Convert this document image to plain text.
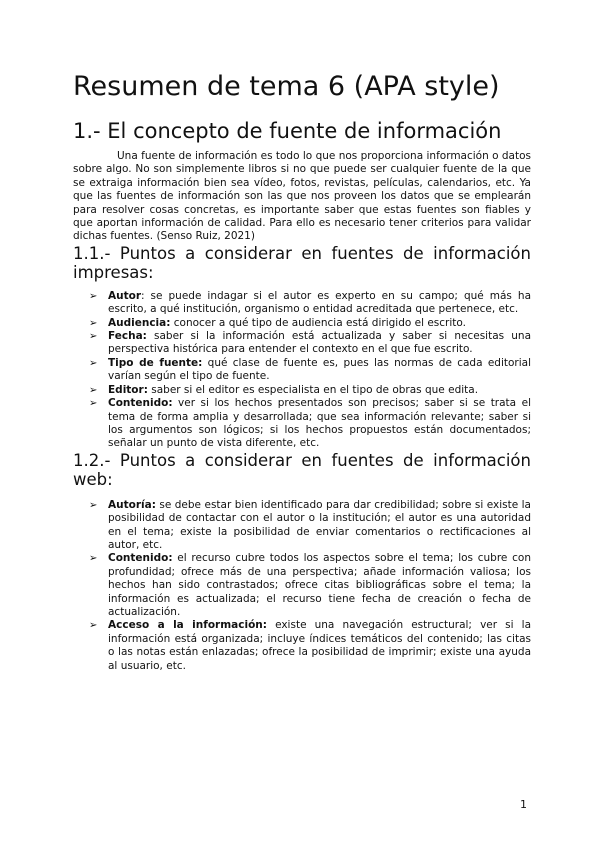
Resumen de tema 6 (APA style)
1.- El concepto de fuente de información

Una fuente de información es todo lo que nos proporciona información o datos sobre algo. No son simplemente libros si no que puede ser cualquier fuente de la que se extraiga información bien sea vídeo, fotos, revistas, películas, calendarios, etc. Ya que las fuentes de información son las que nos proveen los datos que se emplearán para resolver cosas concretas, es importante saber que estas fuentes son fiables y que aportan información de calidad. Para ello es necesario tener criterios para validar dichas fuentes. (Senso Ruiz, 2021)

1.1.- Puntos a considerar en fuentes de información impresas:
➢ Autor: se puede indagar si el autor es experto en su campo; qué más ha escrito, a qué institución, organismo o entidad acreditada que pertenece, etc.
➢ Audiencia: conocer a qué tipo de audiencia está dirigido el escrito.
➢ Fecha: saber si la información está actualizada y saber si necesitas una perspectiva histórica para entender el contexto en el que fue escrito.
➢ Tipo de fuente: qué clase de fuente es, pues las normas de cada editorial varían según el tipo de fuente.
➢ Editor: saber si el editor es especialista en el tipo de obras que edita.
➢ Contenido: ver si los hechos presentados son precisos; saber si se trata el tema de forma amplia y desarrollada; que sea información relevante; saber si los argumentos son lógicos; si los hechos propuestos están documentados; señalar un punto de vista diferente, etc.
1.2.- Puntos a considerar en fuentes de información web:
➢ Autoría: se debe estar bien identificado para dar credibilidad; sobre si existe la posibilidad de contactar con el autor o la institución; el autor es una autoridad en el tema; existe la posibilidad de enviar comentarios o rectificaciones al autor, etc.
➢ Contenido: el recurso cubre todos los aspectos sobre el tema; los cubre con profundidad; ofrece más de una perspectiva; añade información valiosa; los hechos han sido contrastados; ofrece citas bibliográficas sobre el tema; la información es actualizada; el recurso tiene fecha de creación o fecha de actualización.
➢ Acceso a la información: existe una navegación estructural; ver si la información está organizada; incluye índices temáticos del contenido; las citas o las notas están enlazadas; ofrece la posibilidad de imprimir; existe una ayuda al usuario, etc.
1
